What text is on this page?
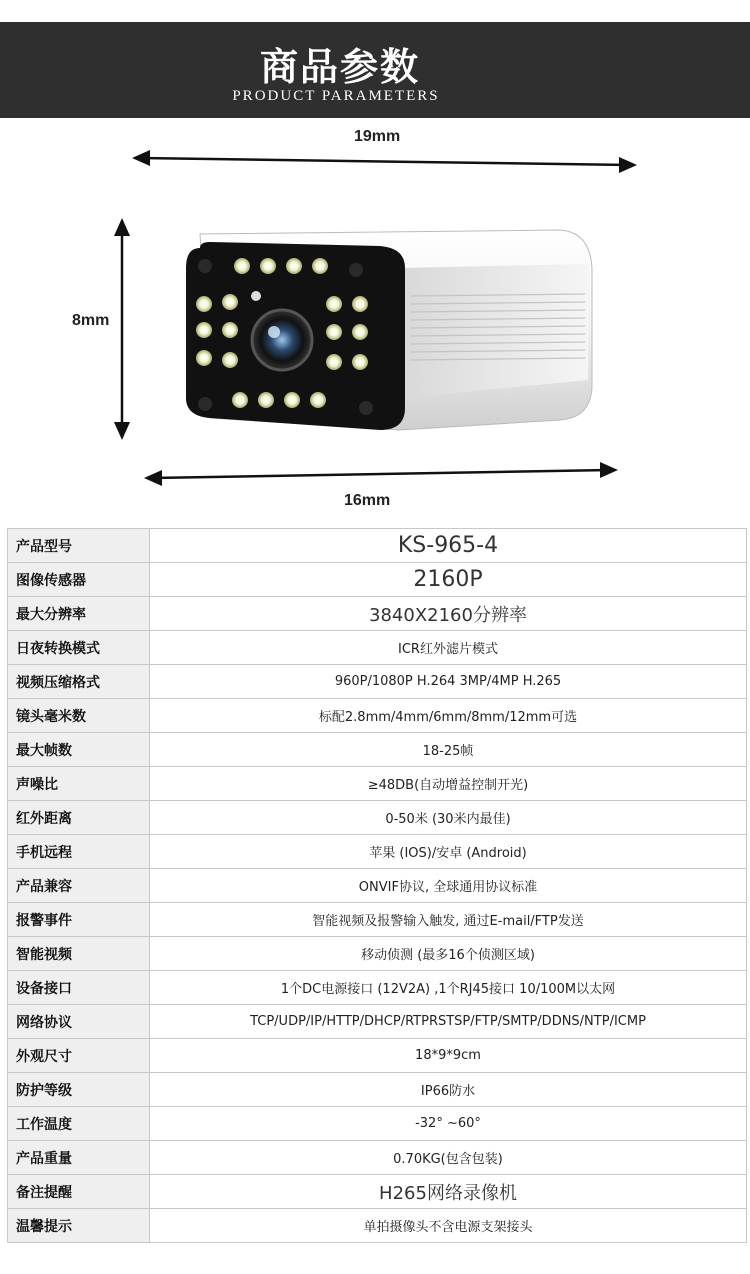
商品参数
PRODUCT PARAMETERS
19mm
8mm
16mm
产品型号	KS-965-4
图像传感器	2160P
最大分辨率	3840X2160分辨率
日夜转换模式	ICR红外滤片模式
视频压缩格式	960P/1080P H.264 3MP/4MP H.265
镜头毫米数	标配2.8mm/4mm/6mm/8mm/12mm可选
最大帧数	18-25帧
声噪比	≥48DB(自动增益控制开光)
红外距离	0-50米 (30米内最佳)
手机远程	苹果 (IOS)/安卓 (Android)
产品兼容	ONVIF协议, 全球通用协议标准
报警事件	智能视频及报警输入触发, 通过E-mail/FTP发送
智能视频	移动侦测 (最多16个侦测区域)
设备接口	1个DC电源接口 (12V2A) ,1个RJ45接口 10/100M以太网
网络协议	TCP/UDP/IP/HTTP/DHCP/RTPRSTSP/FTP/SMTP/DDNS/NTP/ICMP
外观尺寸	18*9*9cm
防护等级	IP66防水
工作温度	-32° ~60°
产品重量	0.70KG(包含包装)
备注提醒	H265网络录像机
温馨提示	单拍摄像头不含电源支架接头
